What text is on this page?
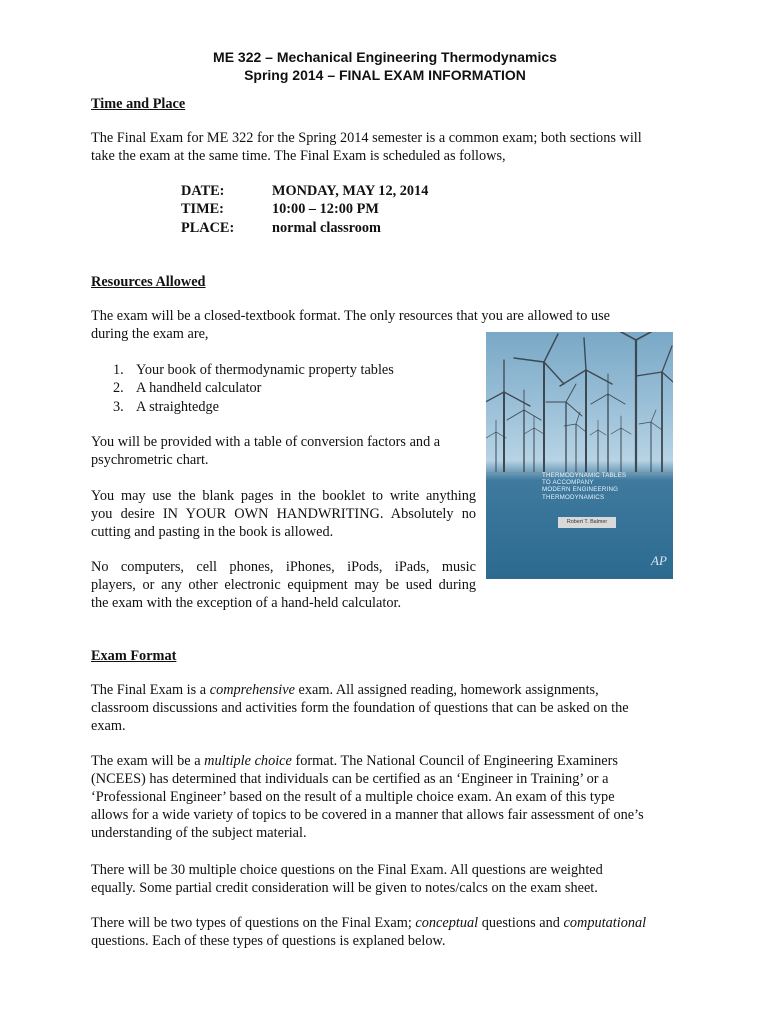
ME 322 – Mechanical Engineering Thermodynamics
Spring 2014 – FINAL EXAM INFORMATION
Time and Place
The Final Exam for ME 322 for the Spring 2014 semester is a common exam; both sections will
take the exam at the same time. The Final Exam is scheduled as follows,
DATE:	MONDAY, MAY 12, 2014
TIME:	10:00 – 12:00 PM
PLACE:	normal classroom
Resources Allowed
The exam will be a closed-textbook format. The only resources that you are allowed to use
during the exam are,
1. Your book of thermodynamic property tables
2. A handheld calculator
3. A straightedge
You will be provided with a table of conversion factors and a
psychrometric chart.
You may use the blank pages in the booklet to write anything
you desire IN YOUR OWN HANDWRITING. Absolutely no
cutting and pasting in the book is allowed.
No computers, cell phones, iPhones, iPods, iPads, music
players, or any other electronic equipment may be used during
the exam with the exception of a hand-held calculator.
THERMODYNAMIC TABLES
TO ACCOMPANY
MODERN ENGINEERING THERMODYNAMICS
Robert T. Balmer
AP
Exam Format
The Final Exam is a comprehensive exam. All assigned reading, homework assignments,
classroom discussions and activities form the foundation of questions that can be asked on the
exam.
The exam will be a multiple choice format. The National Council of Engineering Examiners
(NCEES) has determined that individuals can be certified as an ‘Engineer in Training’ or a
‘Professional Engineer’ based on the result of a multiple choice exam. An exam of this type
allows for a wide variety of topics to be covered in a manner that allows fair assessment of one’s
understanding of the subject material.
There will be 30 multiple choice questions on the Final Exam. All questions are weighted
equally. Some partial credit consideration will be given to notes/calcs on the exam sheet.
There will be two types of questions on the Final Exam; conceptual questions and computational
questions. Each of these types of questions is explaned below.
